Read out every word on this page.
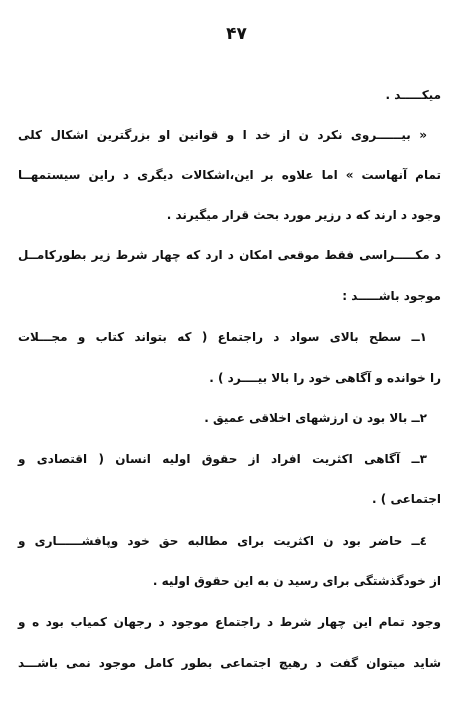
۴۷
میکـــــد .
« بیــــــروی نکرد ن از خد ا و قوانین او بزرگترین اشکال کلی
تمام آنهاست » اما علاوه بر این،اشکالات دیگری د راین سیستمهــا
وجود د ارند که د رزیر مورد بحث قرار میگیرند .
د مکـــــراسی فقط موقعی امکان د ارد که چهار شرط زیر بطورکامــل
موجود باشـــــد :
۱ــ سطح بالای سواد د راجتماع ( که بتواند کتاب و مجـــلات
را خوانده و آگاهی خود را بالا بیــــرد ) .
۲ــ بالا بود ن ارزشهای اخلاقی عمیق .
۳ــ آگاهی اکثریت افراد از حقوق اولیه انسان ( اقتصادی و
اجتماعی ) .
٤ــ حاضر بود ن اکثریت برای مطالبه حق خود وپافشــــــاری و
از خودگذشتگی برای رسید ن به این حقوق اولیه .
وجود تمام این چهار شرط د راجتماع موجود د رجهان کمیاب بود ه و
شاید میتوان گفت د رهیچ اجتماعی بطور کامل موجود نمی باشـــد
